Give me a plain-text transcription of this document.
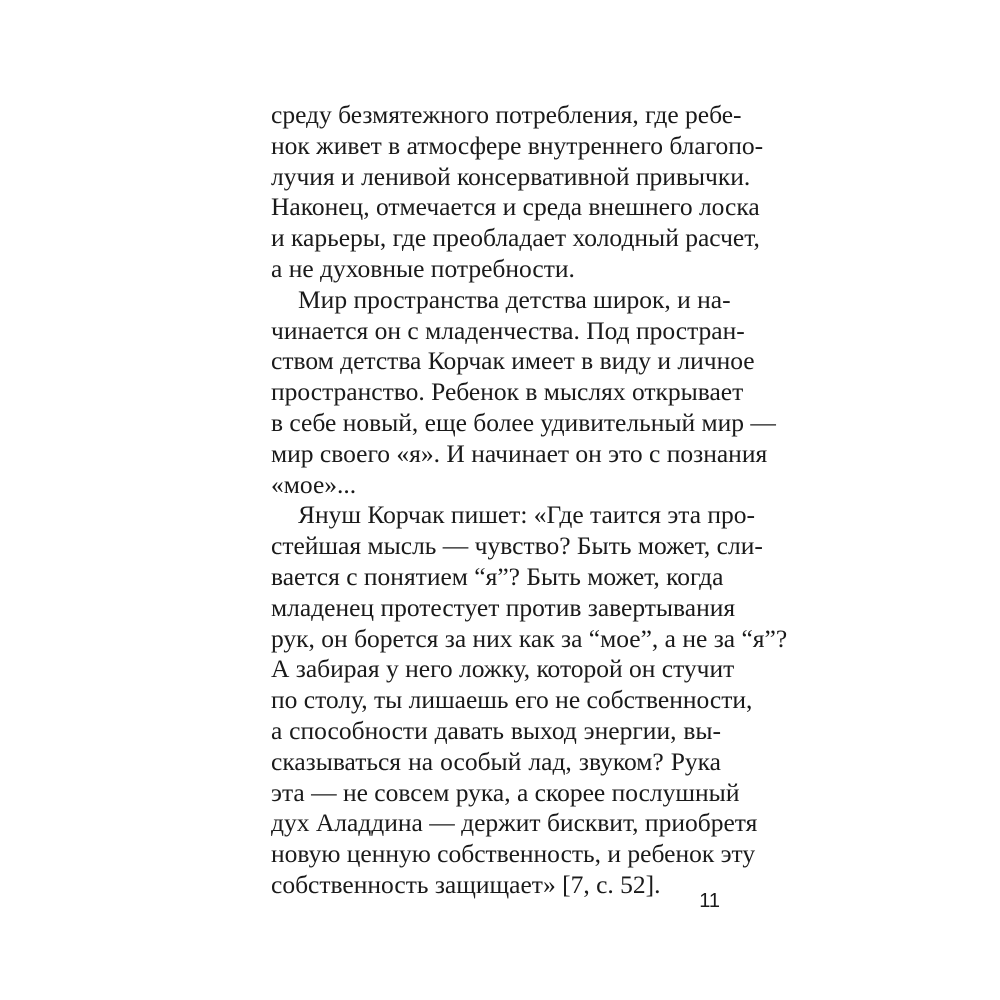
среду безмятежного потребления, где ребе-
нок живет в атмосфере внутреннего благопо-
лучия и ленивой консервативной привычки.
Наконец, отмечается и среда внешнего лоска
и карьеры, где преобладает холодный расчет,
а не духовные потребности.
Мир пространства детства широк, и на-
чинается он с младенчества. Под простран-
ством детства Корчак имеет в виду и личное
пространство. Ребенок в мыслях открывает
в себе новый, еще более удивительный мир —
мир своего «я». И начинает он это с познания
«мое»...
Януш Корчак пишет: «Где таится эта про-
стейшая мысль — чувство? Быть может, сли-
вается с понятием “я”? Быть может, когда
младенец протестует против завертывания
рук, он борется за них как за “мое”, а не за “я”?
А забирая у него ложку, которой он стучит
по столу, ты лишаешь его не собственности,
а способности давать выход энергии, вы-
сказываться на особый лад, звуком? Рука
эта — не совсем рука, а скорее послушный
дух Аладдина — держит бисквит, приобретя
новую ценную собственность, и ребенок эту
собственность защищает» [7, с. 52].
11
